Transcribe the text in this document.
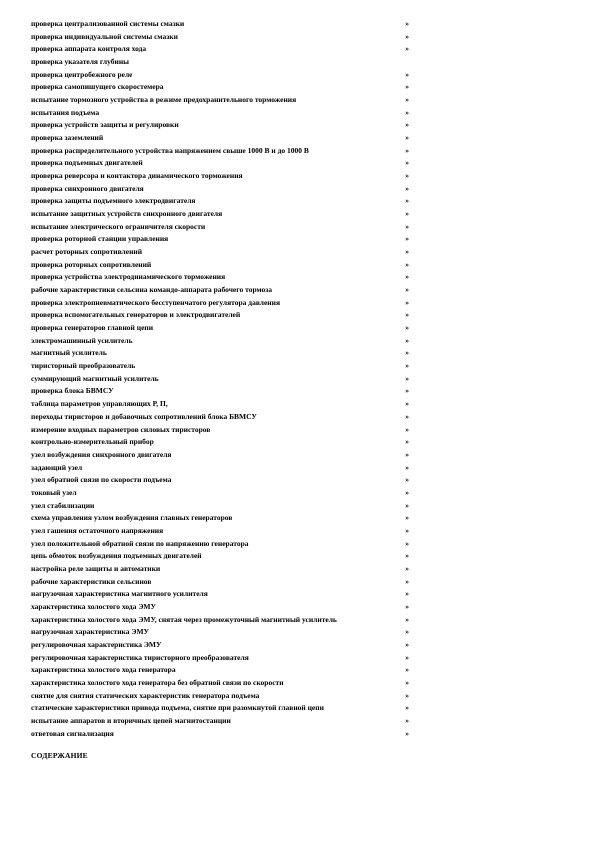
проверка централизованной системы смазки	»
проверка индивидуальной системы смазки	»
проверка аппарата контроля хода	»
проверка указателя глубины
проверка центробежного реле	»
проверка самопишущего скоростемера	»
испытание тормозного устройства в режиме предохранительного торможения	»
испытания подъема	»
проверка устройств защиты и регулировки	»
проверка заземлений	»
проверка распределительного устройства напряжением свыше 1000 В и до 1000 В	»
проверка подъемных двигателей	»
проверка реверсора и контактора динамического торможения	»
проверка синхронного двигателя	»
проверка защиты подъемного электродвигателя	»
испытание защитных устройств синхронного двигателя	»
испытание электрического ограничителя скорости	»
проверка роторной станции управления	»
расчет роторных сопротивлений	»
проверка роторных сопротивлений	»
проверка устройства электродинамического торможения	»
рабочие характеристики сельсина командо-аппарата рабочего тормоза	»
проверка электропневматического бесступенчатого регулятора давления	»
проверка вспомогательных генераторов и электродвигателей	»
проверка генераторов главной цепи	»
электромашинный усилитель	»
магнитный усилитель	»
тиристорный преобразователь	»
суммирующий магнитный усилитель	»
проверка блока БВМСУ	»
таблица параметров управляющих Р, П,	»
переходы тиристоров и добавочных сопротивлений блока БВМСУ	»
измерение входных параметров силовых тиристоров	»
контрольно-измерительный прибор	»
узел возбуждения синхронного двигателя	»
задающий узел	»
узел обратной связи по скорости подъема	»
токовый узел	»
узел стабилизации	»
схема управления узлом возбуждения главных генераторов	»
узел гашения остаточного напряжения	»
узел положительной обратной связи по напряжению генератора	»
цепь обмоток возбуждения подъемных двигателей	»
настройка реле защиты и автоматики	»
рабочие характеристики сельсинов	»
нагрузочная характеристика магнитного усилителя	»
характеристика холостого хода ЭМУ	»
характеристика холостого хода ЭМУ, снятая через промежуточный магнитный усилитель	»
нагрузочная характеристика ЭМУ	»
регулировочная характеристика ЭМУ	»
регулировочная характеристика тиристорного преобразователя	»
характеристика холостого хода генератора	»
характеристика холостого хода генератора без обратной связи по скорости	»
снятие для снятия статических характеристик генератора подъема	»
статические характеристики привода подъема, снятие при разомкнутой главной цепи	»
испытание аппаратов и вторичных цепей магнитостанции	»
ответовая сигнализация	»
СОДЕРЖАНИЕ
